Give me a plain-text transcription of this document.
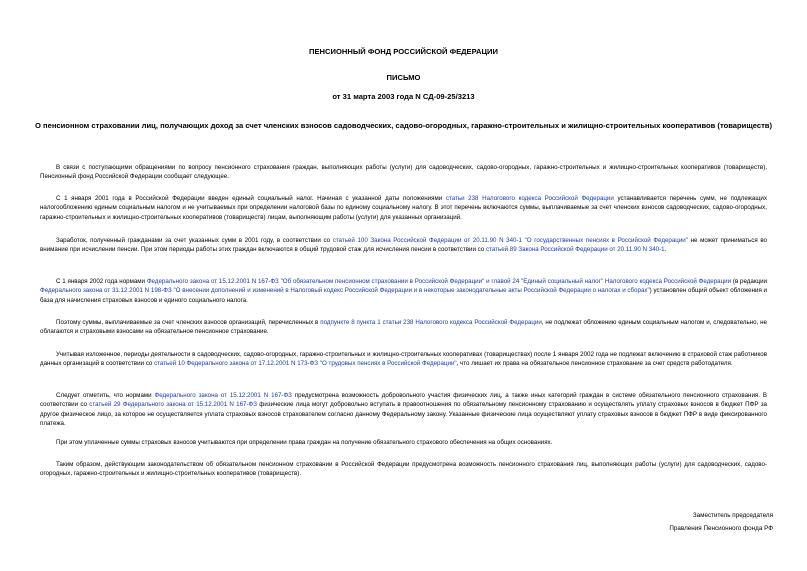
ПЕНСИОННЫЙ ФОНД РОССИЙСКОЙ ФЕДЕРАЦИИ
ПИСЬМО
от 31 марта 2003 года N СД-09-25/3213
О пенсионном страховании лиц, получающих доход за счет членских взносов садоводческих, садово-огородных, гаражно-строительных и жилищно-строительных кооперативов (товариществ)

В связи с поступающими обращениями по вопросу пенсионного страхования граждан, выполняющих работы (услуги) для садоводческих, садово-огородных, гаражно-строительных и жилищно-строительных кооперативов (товариществ), Пенсионный фонд Российской Федерации сообщает следующее.

С 1 января 2001 года в Российской Федерации введен единый социальный налог. Начиная с указанной даты положениями статьи 238 Налогового кодекса Российской Федерации устанавливается перечень сумм, не подлежащих налогообложению единым социальным налогом и не учитываемых при определении налоговой базы по единому социальному налогу. В этот перечень включаются суммы, выплачиваемые за счет членских взносов садоводческих, садово-огородных, гаражно-строительных и жилищно-строительных кооперативов (товариществ) лицам, выполняющим работы (услуги) для указанных организаций.

Заработок, полученный гражданами за счет указанных сумм в 2001 году, в соответствии со статьей 100 Закона Российской Федерации от 20.11.90 N 340-1 "О государственных пенсиях в Российской Федерации" не может приниматься во внимание при исчислении пенсии. При этом периоды работы этих граждан включаются в общий трудовой стаж для исчисления пенсии в соответствии со статьей 89 Закона Российской Федерации от 20.11.90 N 340-1.

С 1 января 2002 года нормами Федерального закона от 15.12.2001 N 167-ФЗ "Об обязательном пенсионном страховании в Российской Федерации" и главой 24 "Единый социальный налог" Налогового кодекса Российской Федерации (в редакции Федерального закона от 31.12.2001 N 198-ФЗ "О внесении дополнений и изменений в Налоговый кодекс Российской Федерации и в некоторые законодательные акты Российской Федерации о налогах и сборах") установлен общий объект обложения и база для начисления страховых взносов и единого социального налога.

Поэтому суммы, выплачиваемые за счет членских взносов организаций, перечисленных в подпункте 8 пункта 1 статьи 238 Налогового кодекса Российской Федерации, не подлежат обложению единым социальным налогом и, следовательно, не облагаются и страховыми взносами на обязательное пенсионное страхование.

Учитывая изложенное, периоды деятельности в садоводческих, садово-огородных, гаражно-строительных и жилищно-строительных кооперативах (товариществах) после 1 января 2002 года не подлежат включению в страховой стаж работников данных организаций в соответствии со статьей 10 Федерального закона от 17.12.2001 N 173-ФЗ "О трудовых пенсиях в Российской Федерации", что лишает их права на обязательное пенсионное страхование за счет средств работодателя.

Следует отметить, что нормами Федерального закона от 15.12.2001 N 167-ФЗ предусмотрена возможность добровольного участия физических лиц, а также иных категорий граждан в системе обязательного пенсионного страхования. В соответствии со статьей 29 Федерального закона от 15.12.2001 N 167-ФЗ физические лица могут добровольно вступать в правоотношения по обязательному пенсионному страхованию и осуществлять уплату страховых взносов в бюджет ПФР за другое физическое лицо, за которое не осуществляется уплата страховых взносов страхователем согласно данному Федеральному закону. Указанные физические лица осуществляют уплату страховых взносов в бюджет ПФР в виде фиксированного платежа.

При этом уплаченные суммы страховых взносов учитываются при определении права граждан на получение обязательного страхового обеспечения на общих основаниях.

Таким образом, действующим законодательством об обязательном пенсионном страховании в Российской Федерации предусмотрена возможность пенсионного страхования лиц, выполняющих работы (услуги) для садоводческих, садово-огородных, гаражно-строительных и жилищно-строительных кооперативов (товариществ).

Заместитель председателя
Правления Пенсионного фонда РФ
